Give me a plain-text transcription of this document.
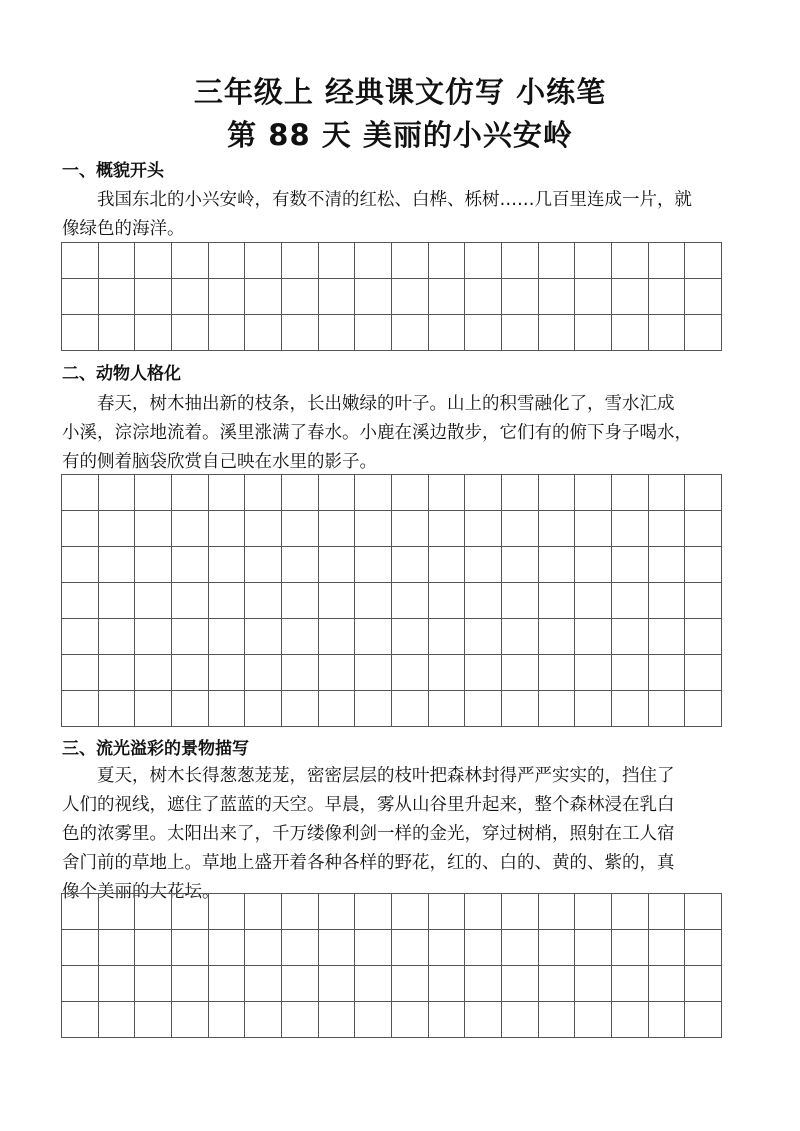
三年级上 经典课文仿写 小练笔
第 88 天 美丽的小兴安岭
一、概貌开头
　　我国东北的小兴安岭，有数不清的红松、白桦、栎树……几百里连成一片，就
像绿色的海洋。
二、动物人格化
　　春天，树木抽出新的枝条，长出嫩绿的叶子。山上的积雪融化了，雪水汇成
小溪，淙淙地流着。溪里涨满了春水。小鹿在溪边散步，它们有的俯下身子喝水，
有的侧着脑袋欣赏自己映在水里的影子。
三、流光溢彩的景物描写
　　夏天，树木长得葱葱茏茏，密密层层的枝叶把森林封得严严实实的，挡住了
人们的视线，遮住了蓝蓝的天空。早晨，雾从山谷里升起来，整个森林浸在乳白
色的浓雾里。太阳出来了，千万缕像利剑一样的金光，穿过树梢，照射在工人宿
舍门前的草地上。草地上盛开着各种各样的野花，红的、白的、黄的、紫的，真
像个美丽的大花坛。
